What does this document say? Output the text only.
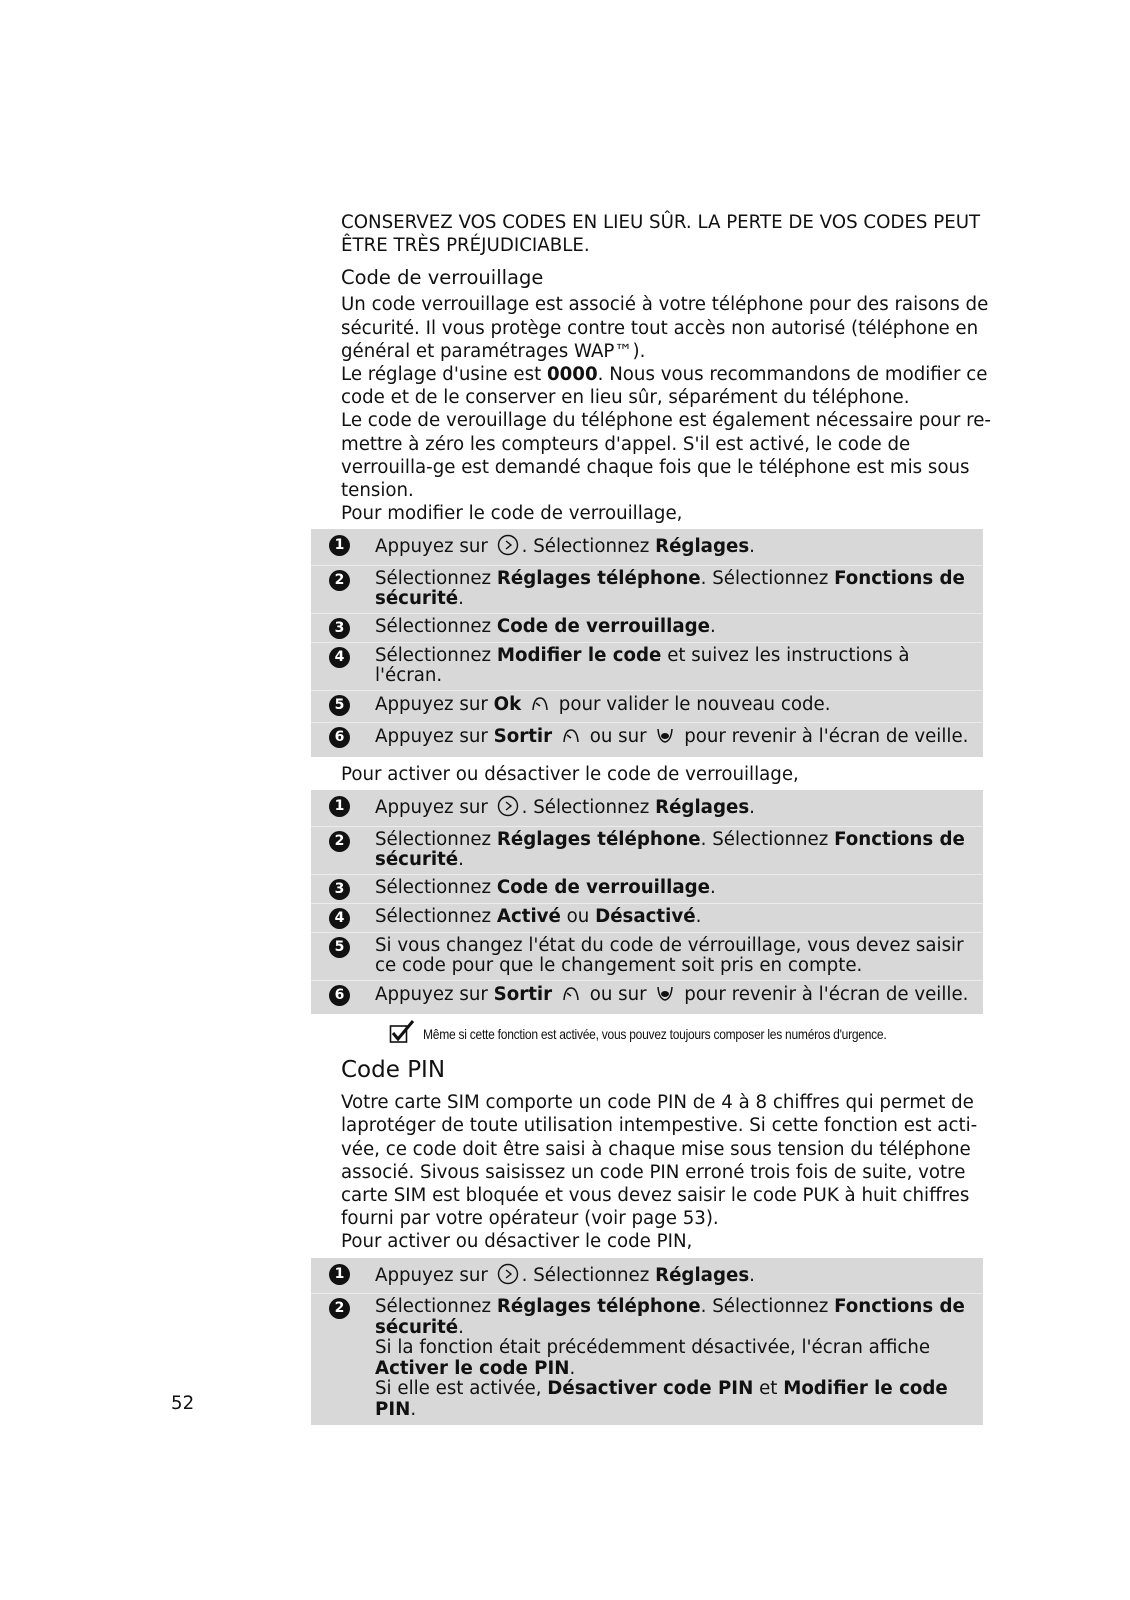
CONSERVEZ VOS CODES EN LIEU SÛR. LA PERTE DE VOS CODES PEUT ÊTRE TRÈS PRÉJUDICIABLE.

Code de verrouillage

Un code verrouillage est associé à votre téléphone pour des raisons de sécurité. Il vous protège contre tout accès non autorisé (téléphone en général et paramétrages WAP™).

Le réglage d'usine est 0000. Nous vous recommandons de modifier ce code et de le conserver en lieu sûr, séparément du téléphone.

Le code de verouillage du téléphone est également nécessaire pour re-mettre à zéro les compteurs d'appel. S'il est activé, le code de verrouilla-ge est demandé chaque fois que le téléphone est mis sous tension.

Pour modifier le code de verrouillage,

1	Appuyez sur . Sélectionnez Réglages.
2	Sélectionnez Réglages téléphone. Sélectionnez Fonctions de sécurité.
3	Sélectionnez Code de verrouillage.
4	Sélectionnez Modifier le code et suivez les instructions à l'écran.
5	Appuyez sur Ok pour valider le nouveau code.
6	Appuyez sur Sortir ou sur pour revenir à l'écran de veille.

Pour activer ou désactiver le code de verrouillage,

1	Appuyez sur . Sélectionnez Réglages.
2	Sélectionnez Réglages téléphone. Sélectionnez Fonctions de sécurité.
3	Sélectionnez Code de verrouillage.
4	Sélectionnez Activé ou Désactivé.
5	Si vous changez l'état du code de vérrouillage, vous devez saisir ce code pour que le changement soit pris en compte.
6	Appuyez sur Sortir ou sur pour revenir à l'écran de veille.
Même si cette fonction est activée, vous pouvez toujours composer les numéros d'urgence.

Code PIN

Votre carte SIM comporte un code PIN de 4 à 8 chiffres qui permet de laprotéger de toute utilisation intempestive. Si cette fonction est acti-vée, ce code doit être saisi à chaque mise sous tension du téléphone associé. Sivous saisissez un code PIN erroné trois fois de suite, votre carte SIM est bloquée et vous devez saisir le code PUK à huit chiffres fourni par votre opérateur (voir page 53).

Pour activer ou désactiver le code PIN,

1	Appuyez sur . Sélectionnez Réglages.
2	Sélectionnez Réglages téléphone. Sélectionnez Fonctions de sécurité.
Si la fonction était précédemment désactivée, l'écran affiche Activer le code PIN.
Si elle est activée, Désactiver code PIN et Modifier le code PIN.
52
